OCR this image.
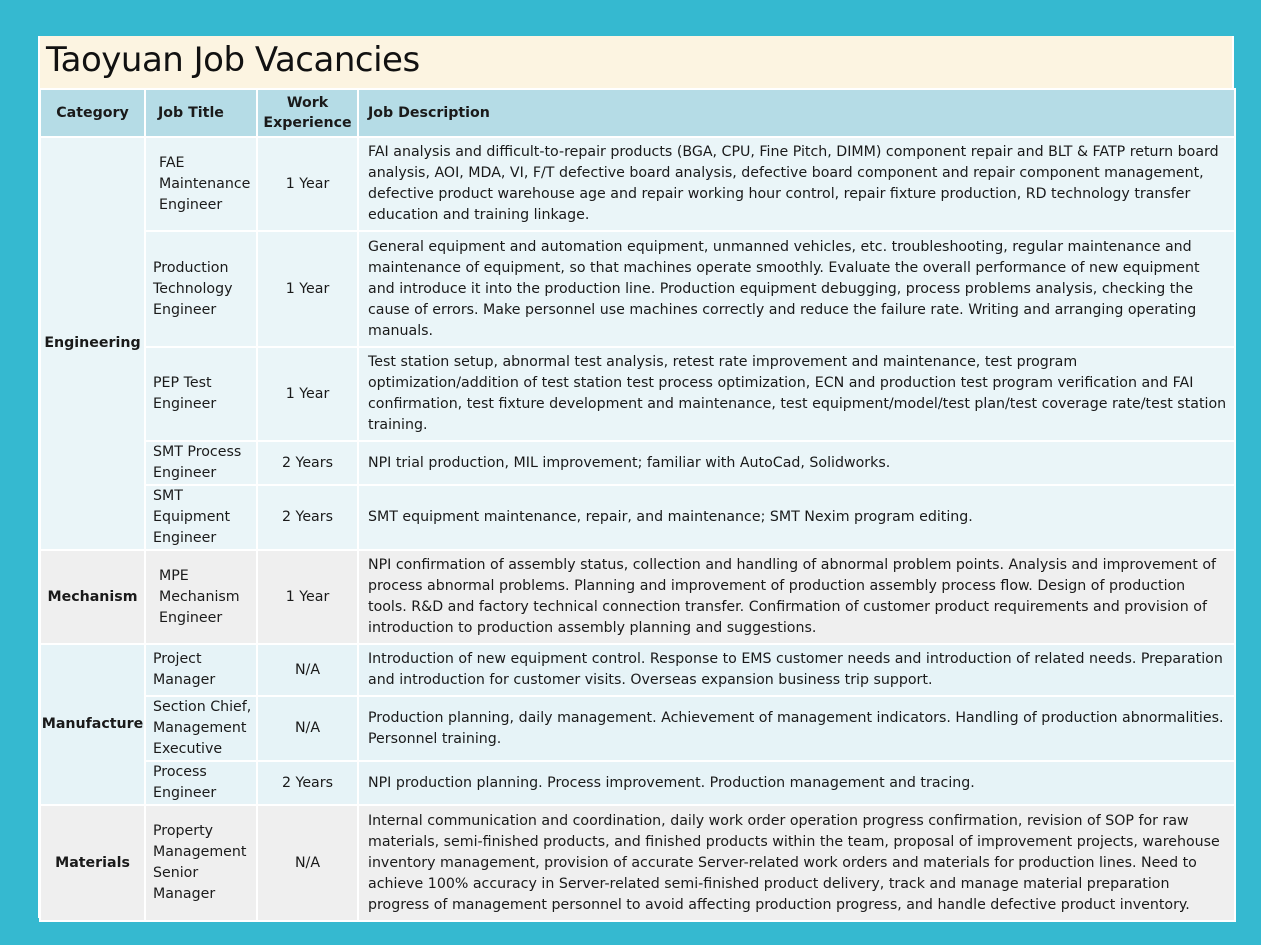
Taoyuan Job Vacancies
Category	Job Title	Work Experience	Job Description
Engineering	FAE Maintenance Engineer	1 Year	FAI analysis and difficult-to-repair products (BGA, CPU, Fine Pitch, DIMM) component repair and BLT & FATP return board analysis, AOI, MDA, VI, F/T defective board analysis, defective board component and repair component management, defective product warehouse age and repair working hour control, repair fixture production, RD technology transfer education and training linkage.
	Production Technology Engineer	1 Year	General equipment and automation equipment, unmanned vehicles, etc. troubleshooting, regular maintenance and maintenance of equipment, so that machines operate smoothly. Evaluate the overall performance of new equipment and introduce it into the production line. Production equipment debugging, process problems analysis, checking the cause of errors. Make personnel use machines correctly and reduce the failure rate. Writing and arranging operating manuals.
	PEP Test Engineer	1 Year	Test station setup, abnormal test analysis, retest rate improvement and maintenance, test program optimization/addition of test station test process optimization, ECN and production test program verification and FAI confirmation, test fixture development and maintenance, test equipment/model/test plan/test coverage rate/test station training.
	SMT Process Engineer	2 Years	NPI trial production, MIL improvement; familiar with AutoCad, Solidworks.
	SMT Equipment Engineer	2 Years	SMT equipment maintenance, repair, and maintenance; SMT Nexim program editing.
Mechanism	MPE Mechanism Engineer	1 Year	NPI confirmation of assembly status, collection and handling of abnormal problem points. Analysis and improvement of process abnormal problems. Planning and improvement of production assembly process flow. Design of production tools. R&D and factory technical connection transfer. Confirmation of customer product requirements and provision of introduction to production assembly planning and suggestions.
Manufacture	Project Manager	N/A	Introduction of new equipment control. Response to EMS customer needs and introduction of related needs. Preparation and introduction for customer visits. Overseas expansion business trip support.
	Section Chief, Management Executive	N/A	Production planning, daily management. Achievement of management indicators. Handling of production abnormalities. Personnel training.
	Process Engineer	2 Years	NPI production planning. Process improvement. Production management and tracing.
Materials	Property Management Senior Manager	N/A	Internal communication and coordination, daily work order operation progress confirmation, revision of SOP for raw materials, semi-finished products, and finished products within the team, proposal of improvement projects, warehouse inventory management, provision of accurate Server-related work orders and materials for production lines. Need to achieve 100% accuracy in Server-related semi-finished product delivery, track and manage material preparation progress of management personnel to avoid affecting production progress, and handle defective product inventory.
